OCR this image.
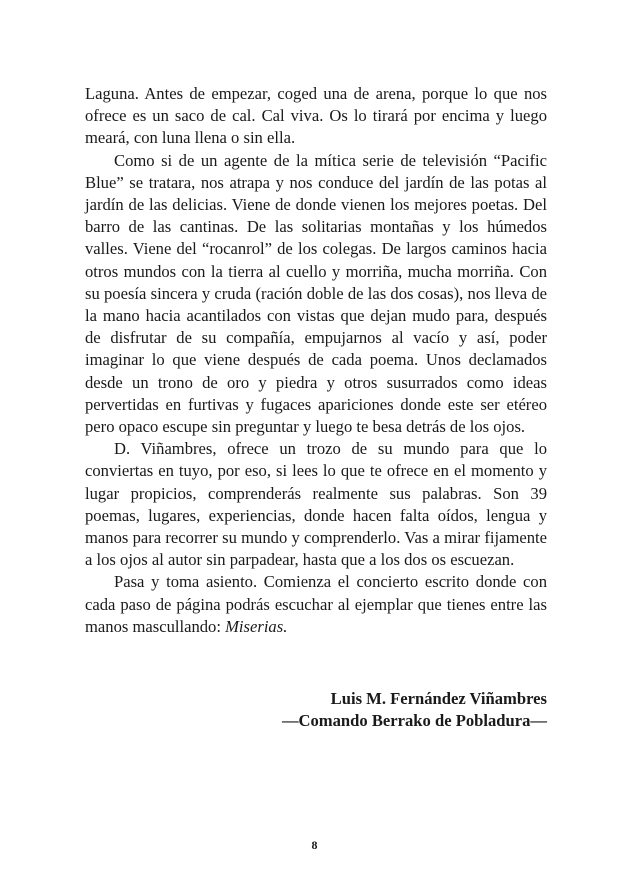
Laguna. Antes de empezar, coged una de arena, porque lo que nos ofrece es un saco de cal. Cal viva. Os lo tirará por encima y luego meará, con luna llena o sin ella.

Como si de un agente de la mítica serie de televisión “Pacific Blue” se tratara, nos atrapa y nos conduce del jardín de las potas al jardín de las delicias. Viene de donde vienen los mejores poetas. Del barro de las cantinas. De las solitarias montañas y los húmedos valles. Viene del “rocanrol” de los colegas. De largos caminos hacia otros mundos con la tierra al cuello y morriña, mucha morriña. Con su poesía sincera y cruda (ración doble de las dos cosas), nos lleva de la mano hacia acantilados con vistas que dejan mudo para, después de disfrutar de su compañía, empujarnos al vacío y así, poder imaginar lo que viene después de cada poema. Unos declamados desde un trono de oro y piedra y otros susurrados como ideas pervertidas en furtivas y fugaces apariciones donde este ser etéreo pero opaco escupe sin preguntar y luego te besa detrás de los ojos.

D. Viñambres, ofrece un trozo de su mundo para que lo conviertas en tuyo, por eso, si lees lo que te ofrece en el momento y lugar propicios, comprenderás realmente sus palabras. Son 39 poemas, lugares, experiencias, donde hacen falta oídos, lengua y manos para recorrer su mundo y comprenderlo. Vas a mirar fijamente a los ojos al autor sin parpadear, hasta que a los dos os escuezan.

Pasa y toma asiento. Comienza el concierto escrito donde con cada paso de página podrás escuchar al ejemplar que tienes entre las manos mascullando: Miserias.

Luis M. Fernández Viñambres
—Comando Berrako de Pobladura—
8
